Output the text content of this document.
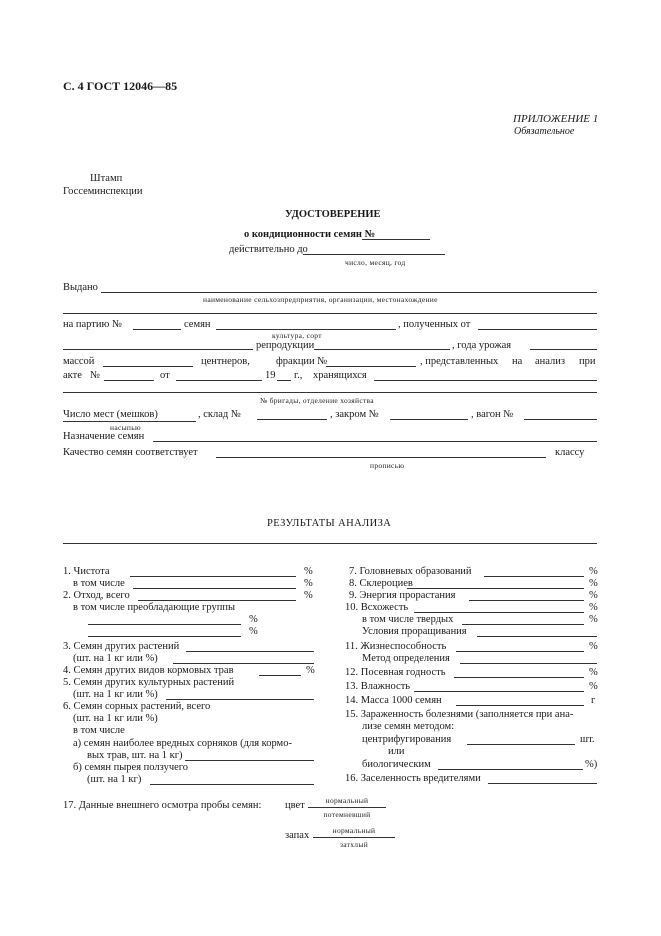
С. 4 ГОСТ 12046—85
ПРИЛОЖЕНИЕ 1
Обязательное
Штамп
Госсеминспекции
УДОСТОВЕРЕНИЕ
о кондиционности семян №
действительно до
число, месяц, год
Выдано
наименование сельхозпредприятия, организации, местонахождение
на партию №	семян	, полученных от
культура, сорт
репродукции	, года урожая
массой	центнеров, фракции №	, представленных на анализ при
акте №	от	19 г., хранящихся
№ бригады, отделение хозяйства
Число мест (мешков)
насыпью
, склад №	, закром №	, вагон №
Назначение семян
Качество семян соответствует	классу
прописью
РЕЗУЛЬТАТЫ АНАЛИЗА
1. Чистота	%
в том числе	%
2. Отход, всего	%
в том числе преобладающие группы
%
%
3. Семян других растений
(шт. на 1 кг или %)
4. Семян других видов кормовых трав	%
5. Семян других культурных растений
(шт. на 1 кг или %)
6. Семян сорных растений, всего
(шт. на 1 кг или %)
в том числе
а) семян наиболее вредных сорняков (для кормо-
вых трав, шт. на 1 кг)
б) семян пырея ползучего
(шт. на 1 кг)
7. Головневых образований	%
8. Склероциев	%
9. Энергия прорастания	%
10. Всхожесть	%
в том числе твердых	%
Условия проращивания
11. Жизнеспособность	%
Метод определения
12. Посевная годность	%
13. Влажность	%
14. Масса 1000 семян	г
15. Зараженность болезнями (заполняется при ана-
лизе семян методом:
центрифугирования	шт.
или
биологическим	%)
16. Заселенность вредителями
17. Данные внешнего осмотра пробы семян: цвет	нормальный
потемневший
запах	нормальный
затхлый
